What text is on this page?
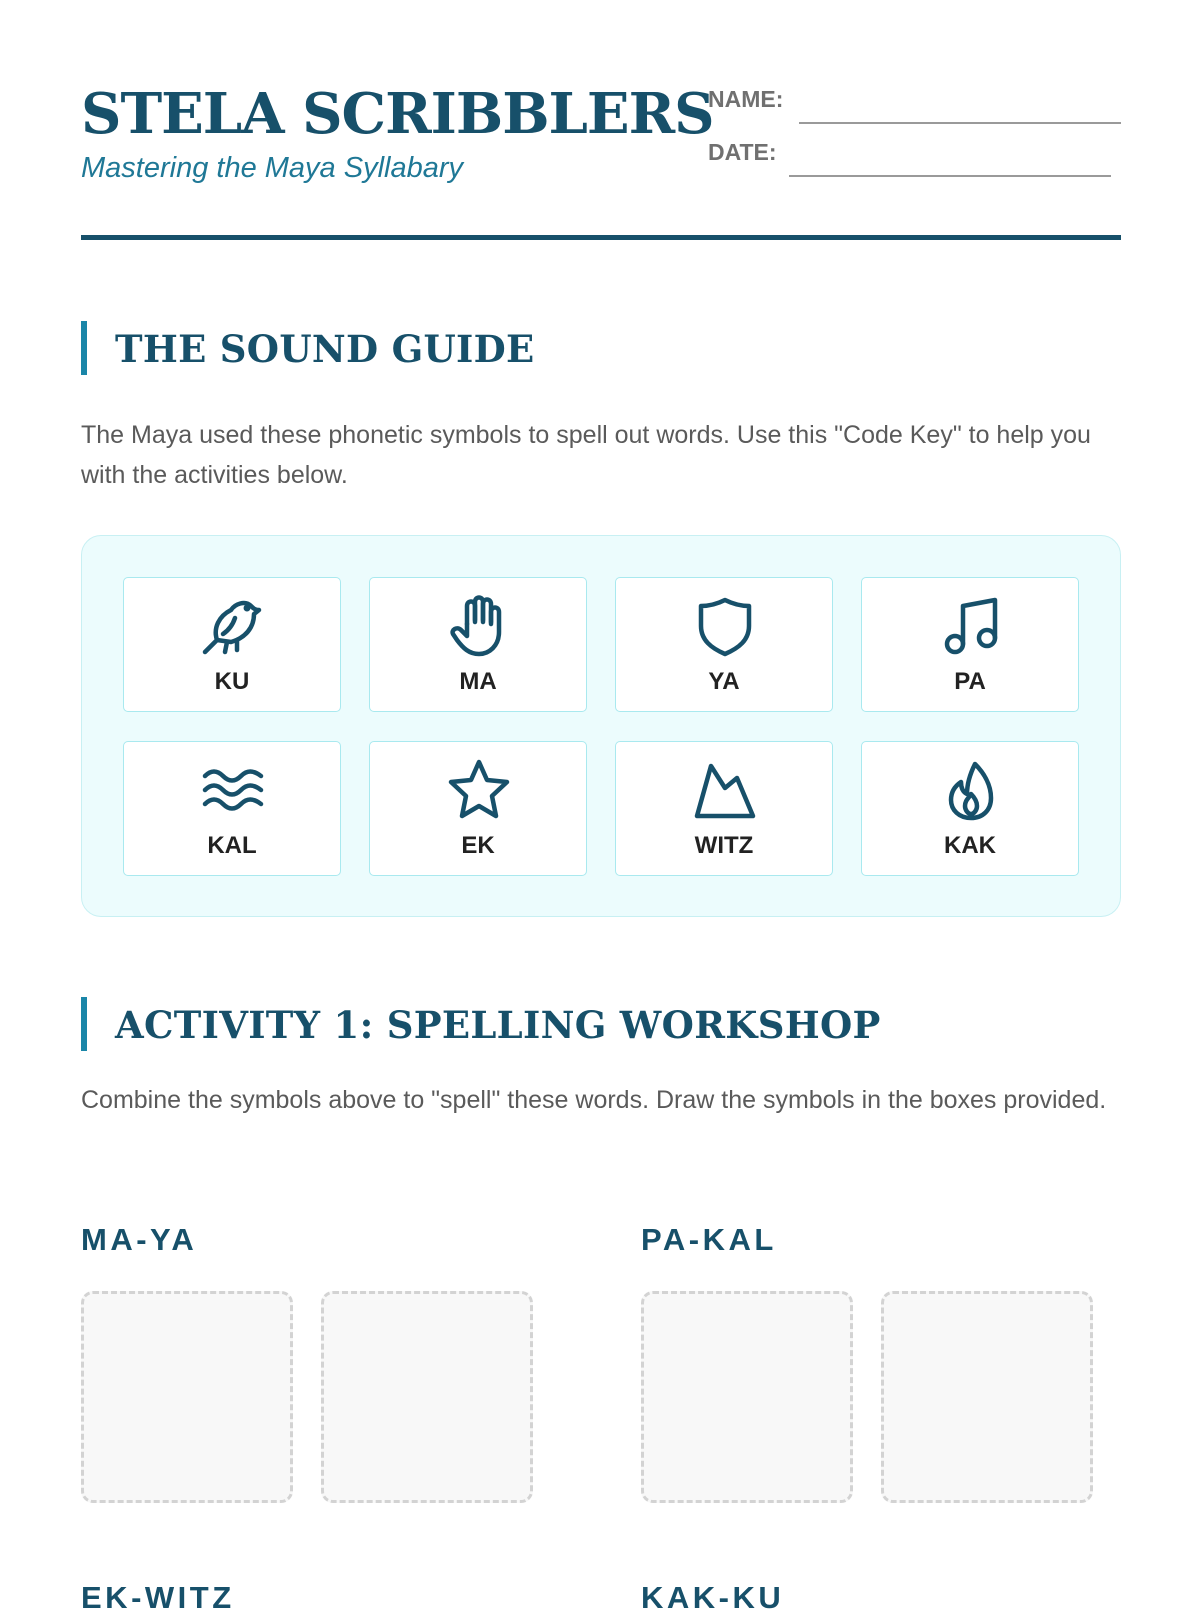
STELA SCRIBBLERS
Mastering the Maya Syllabary
NAME:
DATE:
THE SOUND GUIDE
The Maya used these phonetic symbols to spell out words. Use this "Code Key" to help you with the activities below.
KU	MA	YA	PA
KAL	EK	WITZ	KAK
ACTIVITY 1: SPELLING WORKSHOP
Combine the symbols above to "spell" these words. Draw the symbols in the boxes provided.
MA-YA	PA-KAL
EK-WITZ	KAK-KU
